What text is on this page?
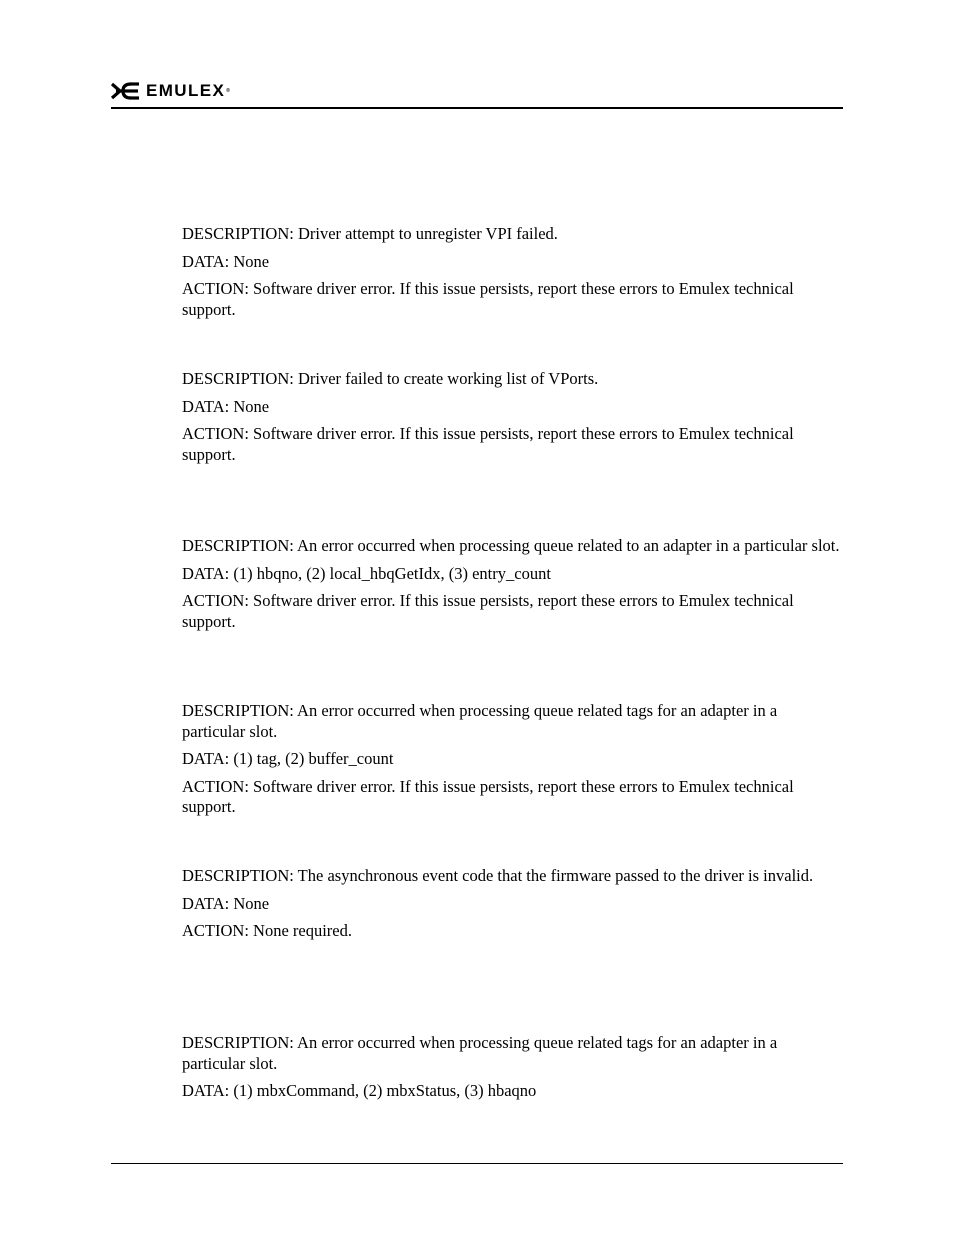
EMULEX®

DESCRIPTION: Driver attempt to unregister VPI failed.

DATA: None

ACTION: Software driver error. If this issue persists, report these errors to Emulex technical support.

DESCRIPTION: Driver failed to create working list of VPorts.

DATA: None

ACTION: Software driver error. If this issue persists, report these errors to Emulex technical support.

DESCRIPTION: An error occurred when processing queue related to an adapter in a particular slot.

DATA: (1) hbqno, (2) local_hbqGetIdx, (3) entry_count

ACTION: Software driver error. If this issue persists, report these errors to Emulex technical support.

DESCRIPTION: An error occurred when processing queue related tags for an adapter in a particular slot.

DATA: (1) tag, (2) buffer_count

ACTION: Software driver error. If this issue persists, report these errors to Emulex technical support.

DESCRIPTION: The asynchronous event code that the firmware passed to the driver is invalid.

DATA: None

ACTION: None required.

DESCRIPTION: An error occurred when processing queue related tags for an adapter in a particular slot.

DATA: (1) mbxCommand, (2) mbxStatus, (3) hbaqno
